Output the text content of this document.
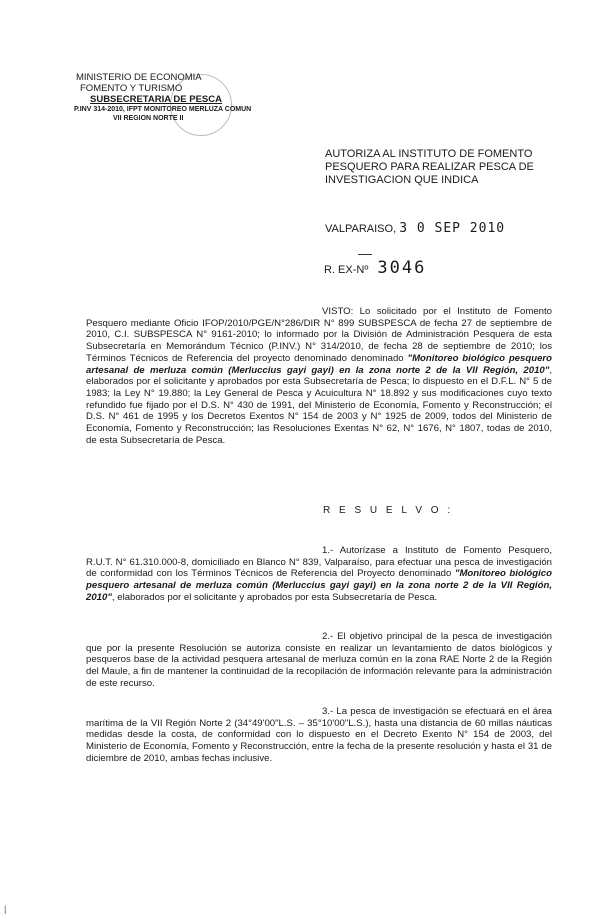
MINISTERIO DE ECONOMIA
FOMENTO Y TURISMO
SUBSECRETARIA DE PESCA
P.INV 314-2010, IFPT MONITOREO MERLUZA COMUN
VII REGION NORTE II
AUTORIZA AL INSTITUTO DE FOMENTO
PESQUERO PARA REALIZAR PESCA DE
INVESTIGACION QUE INDICA
VALPARAISO, 3 0 SEP 2010
R. EX-Nº 3046
VISTO: Lo solicitado por el Instituto de Fomento Pesquero mediante Oficio IFOP/2010/PGE/N°286/DIR N° 899 SUBSPESCA de fecha 27 de septiembre de 2010, C.I. SUBSPESCA N° 9161-2010; lo informado por la División de Administración Pesquera de esta Subsecretaría en Memorándum Técnico (P.INV.) N° 314/2010, de fecha 28 de septiembre de 2010; los Términos Técnicos de Referencia del proyecto denominado denominado "Monitoreo biológico pesquero artesanal de merluza común (Merluccius gayi gayi) en la zona norte 2 de la VII Región, 2010", elaborados por el solicitante y aprobados por esta Subsecretaría de Pesca; lo dispuesto en el D.F.L. N° 5 de 1983; la Ley N° 19.880; la Ley General de Pesca y Acuicultura N° 18.892 y sus modificaciones cuyo texto refundido fue fijado por el D.S. N° 430 de 1991, del Ministerio de Economía, Fomento y Reconstrucción; el D.S. N° 461 de 1995 y los Decretos Exentos N° 154 de 2003 y N° 1925 de 2009, todos del Ministerio de Economía, Fomento y Reconstrucción; las Resoluciones Exentas N° 62, N° 1676, N° 1807, todas de 2010, de esta Subsecretaría de Pesca.
R E S U E L V O :
1.- Autorízase a Instituto de Fomento Pesquero, R.U.T. N° 61.310.000-8, domiciliado en Blanco N° 839, Valparaíso, para efectuar una pesca de investigación de conformidad con los Términos Técnicos de Referencia del Proyecto denominado "Monitoreo biológico pesquero artesanal de merluza común (Merluccius gayi gayi) en la zona norte 2 de la VII Región, 2010", elaborados por el solicitante y aprobados por esta Subsecretaría de Pesca.
2.- El objetivo principal de la pesca de investigación que por la presente Resolución se autoriza consiste en realizar un levantamiento de datos biológicos y pesqueros base de la actividad pesquera artesanal de merluza común en la zona RAE Norte 2 de la Región del Maule, a fin de mantener la continuidad de la recopilación de información relevante para la administración de este recurso.
3.- La pesca de investigación se efectuará en el área marítima de la VII Región Norte 2 (34°49'00"L.S. – 35°10'00"L.S.), hasta una distancia de 60 millas náuticas medidas desde la costa, de conformidad con lo dispuesto en el Decreto Exento N° 154 de 2003, del Ministerio de Economía, Fomento y Reconstrucción, entre la fecha de la presente resolución y hasta el 31 de diciembre de 2010, ambas fechas inclusive.
|
